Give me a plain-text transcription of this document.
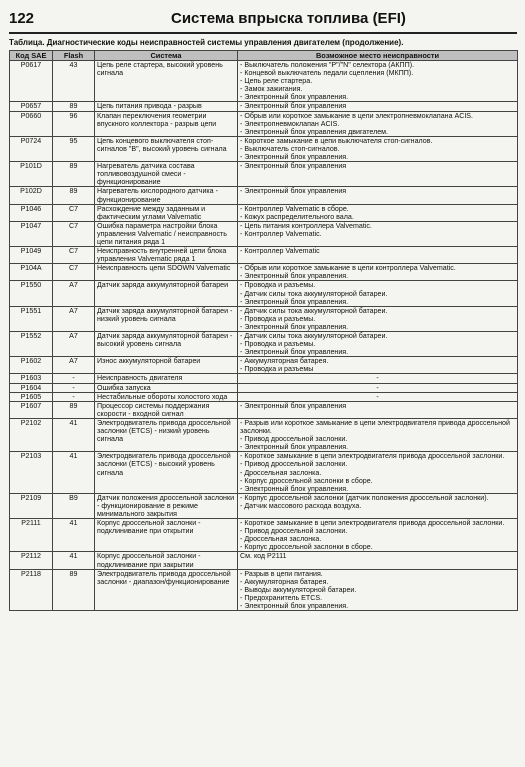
122	Система впрыска топлива (EFI)
Таблица. Диагностические коды неисправностей системы управления двигателем (продолжение).
Код SAE	Flash	Система	Возможное место неисправности
P0617	43	Цепь реле стартера, высокий уровень сигнала	- Выключатель положения "P"/"N" селектора (АКПП).
- Концевой выключатель педали сцепления (МКПП).
- Цепь реле стартера.
- Замок зажигания.
- Электронный блок управления.

P0657	89	Цепь питания привода - разрыв	- Электронный блок управления

P0660	96	Клапан переключения геометрии впускного коллектора - разрыв цепи	- Обрыв или короткое замыкание в цепи электропневмоклапана ACIS.
- Электропневмоклапан ACIS.
- Электронный блок управления двигателем.

P0724	95	Цепь концевого выключателя стоп-сигналов "B", высокий уровень сигнала	- Короткое замыкание в цепи выключателя стоп-сигналов.
- Выключатель стоп-сигналов.
- Электронный блок управления.

P101D	89	Нагреватель датчика состава топливовоздушной смеси - функционирование	- Электронный блок управления

P102D	89	Нагреватель кислородного датчика - функционирование	- Электронный блок управления

P1046	C7	Расхождение между заданным и фактическим углами Valvematic	- Контроллер Valvematic в сборе.
- Кожух распределительного вала.

P1047	C7	Ошибка параметра настройки блока управления Valvematic / неисправность цепи питания ряда 1	- Цепь питания контроллера Valvematic.
- Контроллер Valvematic.

P1049	C7	Неисправность внутренней цепи блока управления Valvematic ряда 1	- Контроллер Valvematic

P104A	C7	Неисправность цепи SDOWN Valvematic	- Обрыв или короткое замыкание в цепи контроллера Valvematic.
- Электронный блок управления.

P1550	A7	Датчик заряда аккумуляторной батареи	- Проводка и разъемы.
- Датчик силы тока аккумуляторной батареи.
- Электронный блок управления.

P1551	A7	Датчик заряда аккумуляторной батареи - низкий уровень сигнала	- Датчик силы тока аккумуляторной батареи.
- Проводка и разъемы.
- Электронный блок управления.

P1552	A7	Датчик заряда аккумуляторной батареи - высокий уровень сигнала	- Датчик силы тока аккумуляторной батареи.
- Проводка и разъемы.
- Электронный блок управления.

P1602	A7	Износ аккумуляторной батареи	- Аккумуляторная батарея.
- Проводка и разъемы

P1603	-	Неисправность двигателя	-

P1604	-	Ошибка запуска	-

P1605	-	Нестабильные обороты холостого хода	-

P1607	89	Процессор системы поддержания скорости - входной сигнал	- Электронный блок управления

P2102	41	Электродвигатель привода дроссельной заслонки (ETCS) - низкий уровень сигнала	- Разрыв или короткое замыкание в цепи электродвигателя привода дроссельной заслонки.
- Привод дроссельной заслонки.
- Электронный блок управления.

P2103	41	Электродвигатель привода дроссельной заслонки (ETCS) - высокий уровень сигнала	- Короткое замыкание в цепи электродвигателя привода дроссельной заслонки.
- Привод дроссельной заслонки.
- Дроссельная заслонка.
- Корпус дроссельной заслонки в сборе.
- Электронный блок управления.

P2109	B9	Датчик положения дроссельной заслонки - функционирование в режиме минимального закрытия	- Корпус дроссельной заслонки (датчик положения дроссельной заслонки).
- Датчик массового расхода воздуха.

P2111	41	Корпус дроссельной заслонки - подклинивание при открытии	- Короткое замыкание в цепи электродвигателя привода дроссельной заслонки.
- Привод дроссельной заслонки.
- Дроссельная заслонка.
- Корпус дроссельной заслонки в сборе.

P2112	41	Корпус дроссельной заслонки - подклинивание при закрытии	См. код P2111

P2118	89	Электродвигатель привода дроссельной заслонки - диапазон/функционирование	- Разрыв в цепи питания.
- Аккумуляторная батарея.
- Выводы аккумуляторной батареи.
- Предохранитель ETCS.
- Электронный блок управления.
